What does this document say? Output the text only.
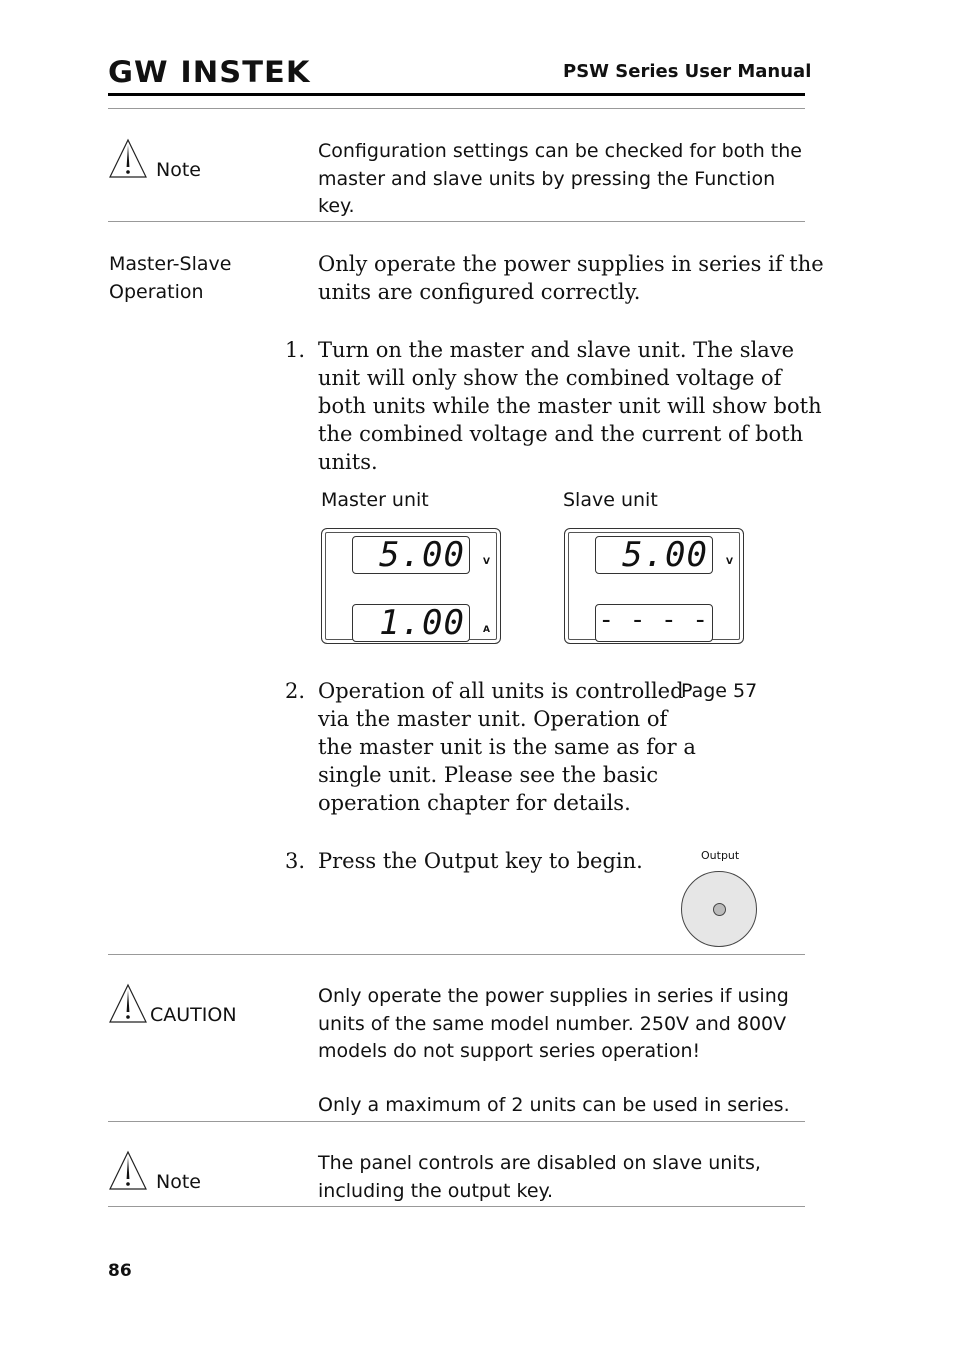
GW INSTEK	PSW Series User Manual
Note
Configuration settings can be checked for both the
master and slave units by pressing the Function
key.
Master-Slave
Operation
Only operate the power supplies in series if the
units are configured correctly.
1. Turn on the master and slave unit. The slave
unit will only show the combined voltage of
both units while the master unit will show both
the combined voltage and the current of both
units.
Master unit	Slave unit
5.00 V
1.00 A
5.00 V
- - - -
2. Operation of all units is controlled
via the master unit. Operation of
the master unit is the same as for a
single unit. Please see the basic
operation chapter for details.
Page 57
3. Press the Output key to begin.	Output
CAUTION
Only operate the power supplies in series if using
units of the same model number. 250V and 800V
models do not support series operation!
Only a maximum of 2 units can be used in series.
Note
The panel controls are disabled on slave units,
including the output key.
86
